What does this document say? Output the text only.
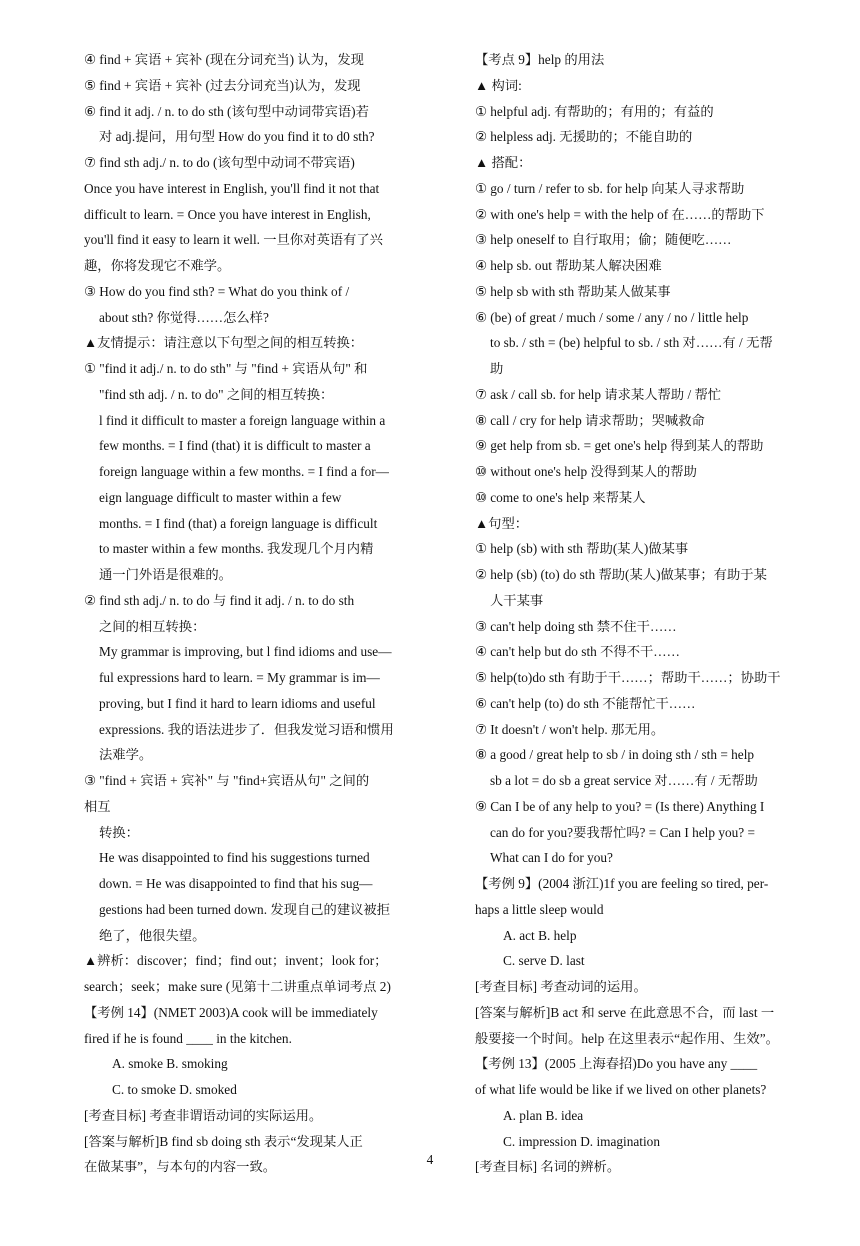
④ find + 宾语 + 宾补 (现在分词充当) 认为，发现
⑤ find + 宾语 + 宾补 (过去分词充当)认为，发现
⑥ find it adj. / n. to do sth (该句型中动词带宾语)若
对 adj.提问，用句型 How do you find it to d0 sth?
⑦ find sth adj./ n. to do (该句型中动词不带宾语)
Once you have interest in English, you'll find it not that
difficult to learn. = Once you have interest in English,
you'll find it easy to learn it well. 一旦你对英语有了兴
趣，你将发现它不难学。
③ How do you find sth? = What do you think of /
about sth? 你觉得……怎么样?
▲友情提示：请注意以下句型之间的相互转换：
① "find it adj./ n. to do sth" 与 "find + 宾语从句" 和
"find sth adj. / n. to do" 之间的相互转换：
l find it difficult to master a foreign language within a
few months. = I find (that) it is difficult to master a
foreign language within a few months. = I find a for—
eign language difficult to master within a few
months. = I find (that) a foreign language is difficult
to master within a few months. 我发现几个月内精
通一门外语是很难的。
② find sth adj./ n. to do 与 find it adj. / n. to do sth
之间的相互转换：
My grammar is improving, but l find idioms and use—
ful expressions hard to learn. = My grammar is im—
proving, but I find it hard to learn idioms and useful
expressions. 我的语法进步了．但我发觉习语和惯用
法难学。
③ "find + 宾语 + 宾补" 与 "find+宾语从句" 之间的
相互
转换：
He was disappointed to find his suggestions turned
down. = He was disappointed to find that his sug—
gestions had been turned down. 发现自己的建议被拒
绝了，他很失望。
▲辨析：discover；find；find out；invent；look for；
search；seek；make sure (见第十二讲重点单词考点 2)
【考例 14】(NMET 2003)A cook will be immediately
fired if he is found ____ in the kitchen.
A. smoke B. smoking
C. to smoke D. smoked
[考查目标] 考查非谓语动词的实际运用。
[答案与解析]B find sb doing sth 表示“发现某人正
在做某事”，与本句的内容一致。
【考点 9】help 的用法
▲ 构词:
① helpful adj. 有帮助的；有用的；有益的
② helpless adj. 无援助的；不能自助的
▲ 搭配：
① go / turn / refer to sb. for help 向某人寻求帮助
② with one's help = with the help of 在……的帮助下
③ help oneself to 自行取用；偷；随便吃……
④ help sb. out 帮助某人解决困难
⑤ help sb with sth 帮助某人做某事
⑥ (be) of great / much / some / any / no / little help
to sb. / sth = (be) helpful to sb. / sth 对……有 / 无帮
助
⑦ ask / call sb. for help 请求某人帮助 / 帮忙
⑧ call / cry for help 请求帮助；哭喊救命
⑨ get help from sb. = get one's help 得到某人的帮助
⑩ without one's help 没得到某人的帮助
⑩ come to one's help 来帮某人
▲句型：
① help (sb) with sth 帮助(某人)做某事
② help (sb) (to) do sth 帮助(某人)做某事；有助于某
人干某事
③ can't help doing sth 禁不住干……
④ can't help but do sth 不得不干……
⑤ help(to)do sth 有助于干……；帮助干……；协助干
⑥ can't help (to) do sth 不能帮忙干……
⑦ It doesn't / won't help. 那无用。
⑧ a good / great help to sb / in doing sth / sth = help
sb a lot = do sb a great service 对……有 / 无帮助
⑨ Can I be of any help to you? = (Is there) Anything I
can do for you?要我帮忙吗? = Can I help you? =
What can I do for you?
【考例 9】(2004 浙江)1f you are feeling so tired, per-
haps a little sleep would
A. act B. help
C. serve D. last
[考查目标] 考查动词的运用。
[答案与解析]B act 和 serve 在此意思不合，而 last 一
般要接一个时间。help 在这里表示“起作用、生效”。
【考例 13】(2005 上海春招)Do you have any ____
of what life would be like if we lived on other planets?
A. plan B. idea
C. impression D. imagination
[考查目标] 名词的辨析。
4
